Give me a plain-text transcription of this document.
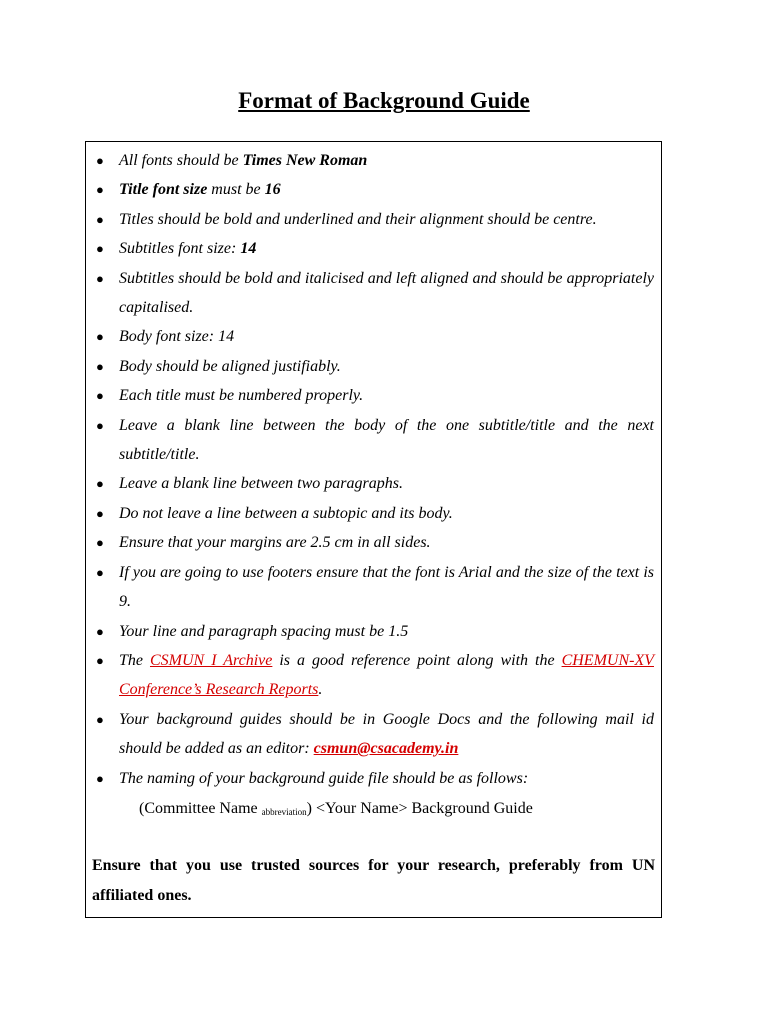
Format of Background Guide
● All fonts should be Times New Roman
● Title font size must be 16
● Titles should be bold and underlined and their alignment should be centre.
● Subtitles font size: 14
● Subtitles should be bold and italicised and left aligned and should be appropriately capitalised.
● Body font size: 14
● Body should be aligned justifiably.
● Each title must be numbered properly.
● Leave a blank line between the body of the one subtitle/title and the next subtitle/title.
● Leave a blank line between two paragraphs.
● Do not leave a line between a subtopic and its body.
● Ensure that your margins are 2.5 cm in all sides.
● If you are going to use footers ensure that the font is Arial and the size of the text is 9.
● Your line and paragraph spacing must be 1.5
● The CSMUN I Archive is a good reference point along with the CHEMUN-XV Conference’s Research Reports.
● Your background guides should be in Google Docs and the following mail id should be added as an editor: csmun@csacademy.in
● The naming of your background guide file should be as follows:
(Committee Name $_{abbreviation}$) <Your Name> Background Guide
Ensure that you use trusted sources for your research, preferably from UN affiliated ones.
